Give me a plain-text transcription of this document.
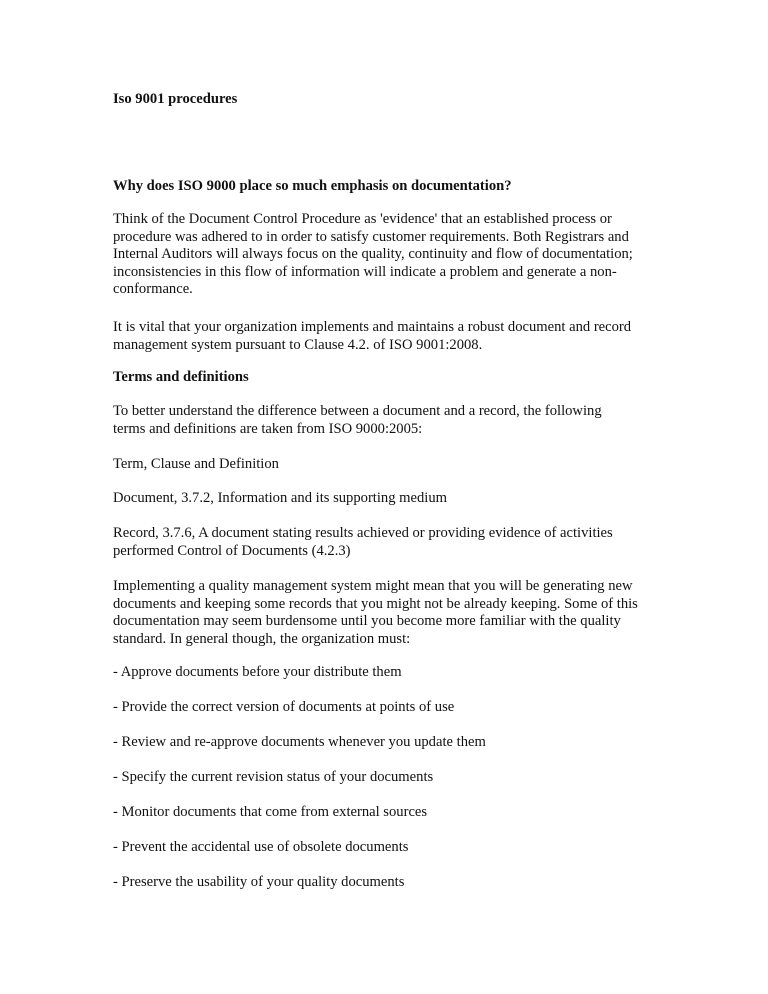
Iso 9001 procedures

Why does ISO 9000 place so much emphasis on documentation?

Think of the Document Control Procedure as 'evidence' that an established process or

procedure was adhered to in order to satisfy customer requirements. Both Registrars and

Internal Auditors will always focus on the quality, continuity and flow of documentation;

inconsistencies in this flow of information will indicate a problem and generate a non-

conformance.

It is vital that your organization implements and maintains a robust document and record

management system pursuant to Clause 4.2. of ISO 9001:2008.

Terms and definitions

To better understand the difference between a document and a record, the following

terms and definitions are taken from ISO 9000:2005:

Term, Clause and Definition

Document, 3.7.2, Information and its supporting medium

Record, 3.7.6, A document stating results achieved or providing evidence of activities

performed Control of Documents (4.2.3)

Implementing a quality management system might mean that you will be generating new

documents and keeping some records that you might not be already keeping. Some of this

documentation may seem burdensome until you become more familiar with the quality

standard. In general though, the organization must:

- Approve documents before your distribute them

- Provide the correct version of documents at points of use

- Review and re-approve documents whenever you update them

- Specify the current revision status of your documents

- Monitor documents that come from external sources

- Prevent the accidental use of obsolete documents

- Preserve the usability of your quality documents
